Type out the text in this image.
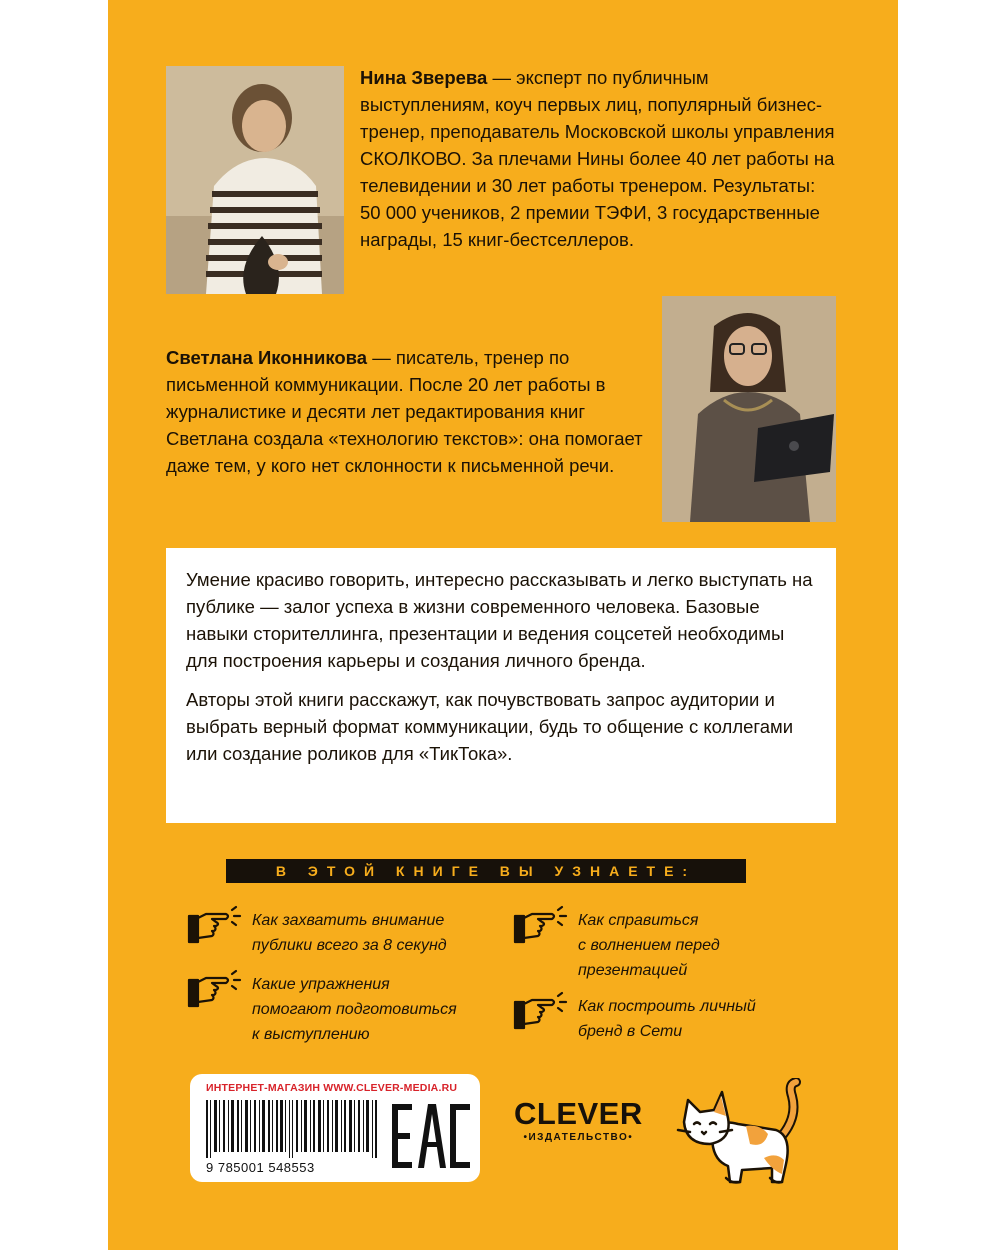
Нина Зверева — эксперт по публичным выступлениям, коуч первых лиц, популярный бизнес-тренер, преподаватель Московской школы управления СКОЛКОВО. За плечами Нины более 40 лет работы на телевидении и 30 лет работы тренером. Результаты: 50 000 учеников, 2 премии ТЭФИ, 3 государственные награды, 15 книг-бестселлеров.
Светлана Иконникова — писатель, тренер по письменной коммуникации. После 20 лет работы в журналистике и десяти лет редактирования книг Светлана создала «технологию текстов»: она помогает даже тем, у кого нет склонности к письменной речи.

Умение красиво говорить, интересно рассказывать и легко выступать на публике — залог успеха в жизни современного человека. Базовые навыки сторителлинга, презентации и ведения соцсетей необходимы для построения карьеры и создания личного бренда.

Авторы этой книги расскажут, как почувствовать запрос аудитории и выбрать верный формат коммуникации, будь то общение с коллегами или создание роликов для «ТикТока».

В ЭТОЙ КНИГЕ ВЫ УЗНАЕТЕ:
Как захватить внимание
публики всего за 8 секунд
Какие упражнения
помогают подготовиться
к выступлению
Как справиться
с волнением перед
презентацией
Как построить личный
бренд в Сети
ИНТЕРНЕТ-МАГАЗИН WWW.CLEVER-MEDIA.RU
9 785001 548553
CLEVER
•ИЗДАТЕЛЬСТВО•
